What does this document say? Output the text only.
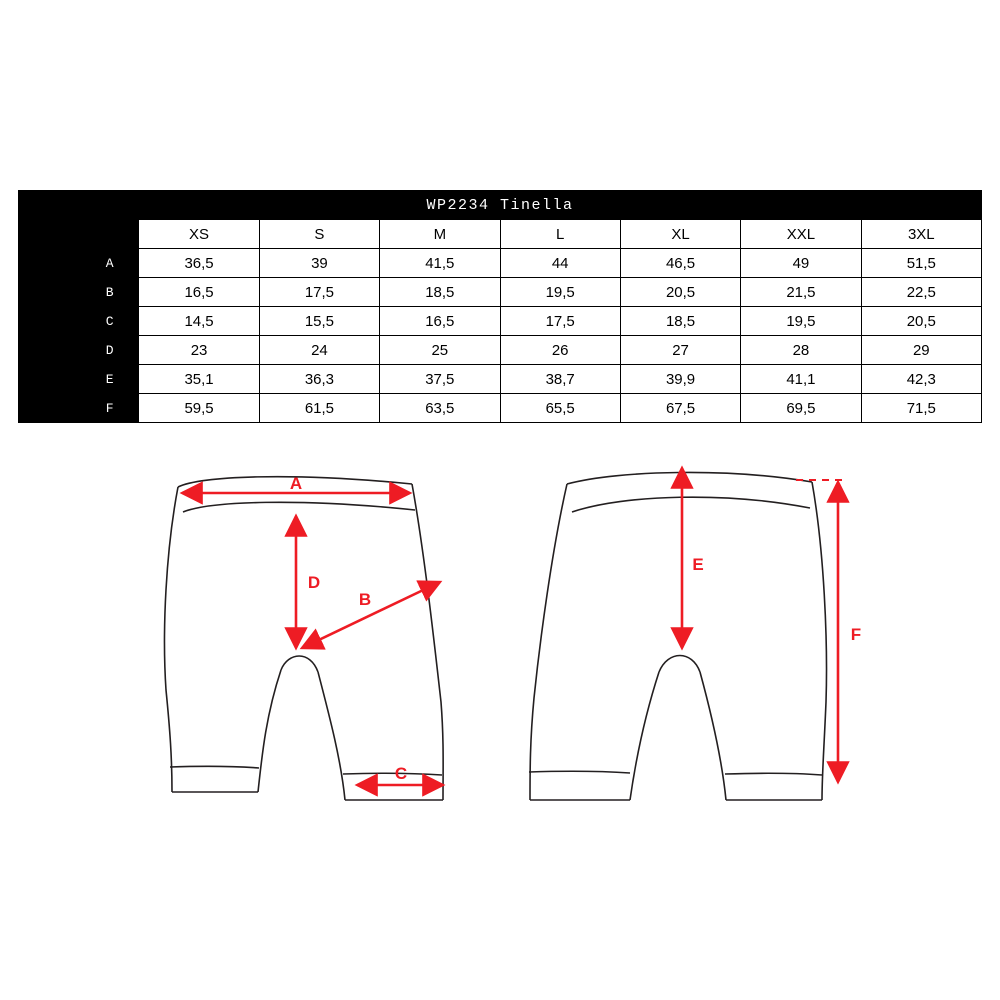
WP2234 Tinella							
	XS	S	M	L	XL	XXL	3XL
A	36,5	39	41,5	44	46,5	49	51,5
B	16,5	17,5	18,5	19,5	20,5	21,5	22,5
C	14,5	15,5	16,5	17,5	18,5	19,5	20,5
D	23	24	25	26	27	28	29
E	35,1	36,3	37,5	38,7	39,9	41,1	42,3
F	59,5	61,5	63,5	65,5	67,5	69,5	71,5
A
D
B
C
E
F
